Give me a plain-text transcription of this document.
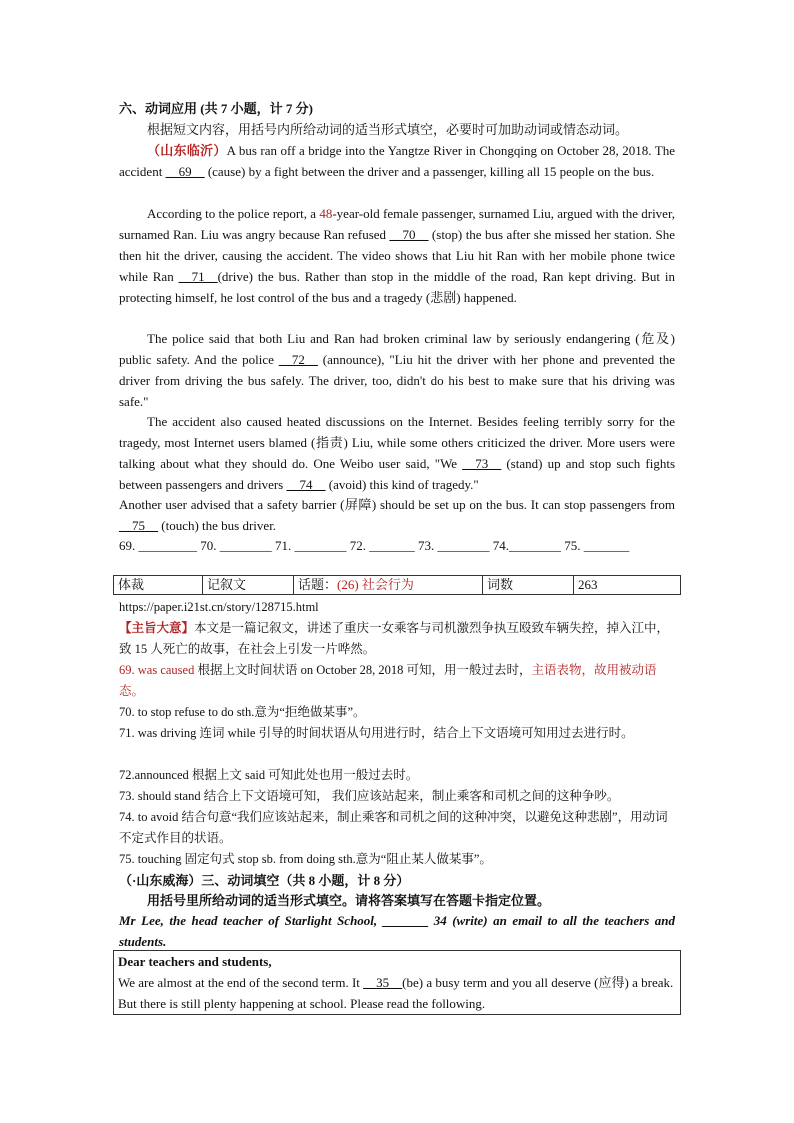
六、动词应用 (共 7 小题，计 7 分)

根据短文内容，用括号内所给动词的适当形式填空，必要时可加助动词或情态动词。

（山东临沂）A bus ran off a bridge into the Yangtze River in Chongqing on October 28, 2018. The accident __69__ (cause) by a fight between the driver and a passenger, killing all 15 people on the bus.

According to the police report, a 48-year-old female passenger, surnamed Liu, argued with the driver, surnamed Ran. Liu was angry because Ran refused __70__ (stop) the bus after she missed her station. She then hit the driver, causing the accident. The video shows that Liu hit Ran with her mobile phone twice while Ran __71__(drive) the bus. Rather than stop in the middle of the road, Ran kept driving. But in protecting himself, he lost control of the bus and a tragedy (悲剧) happened.

The police said that both Liu and Ran had broken criminal law by seriously endangering (危及) public safety. And the police __72__ (announce), "Liu hit the driver with her phone and prevented the driver from driving the bus safely. The driver, too, didn't do his best to make sure that his driving was safe."

The accident also caused heated discussions on the Internet. Besides feeling terribly sorry for the tragedy, most Internet users blamed (指责) Liu, while some others criticized the driver. More users were talking about what they should do. One Weibo user said, "We __73__ (stand) up and stop such fights between passengers and drivers __74__ (avoid) this kind of tragedy."

Another user advised that a safety barrier (屏障) should be set up on the bus. It can stop passengers from __75__ (touch) the bus driver.

69. _________ 70. ________ 71. ________ 72. _______ 73. ________ 74.________ 75. _______

体裁	记叙文	话题：(26) 社会行为	词数	263

https://paper.i21st.cn/story/128715.html

【主旨大意】本文是一篇记叙文，讲述了重庆一女乘客与司机激烈争执互殴致车辆失控，掉入江中，致 15 人死亡的故事，在社会上引发一片哗然。

69. was caused 根据上文时间状语 on October 28, 2018 可知，用一般过去时，主语表物，故用被动语态。

70. to stop refuse to do sth.意为“拒绝做某事”。

71. was driving 连词 while 引导的时间状语从句用进行时，结合上下文语境可知用过去进行时。

72.announced 根据上文 said 可知此处也用一般过去时。

73. should stand 结合上下文语境可知， 我们应该站起来，制止乘客和司机之间的这种争吵。

74. to avoid 结合句意“我们应该站起来，制止乘客和司机之间的这种冲突，以避免这种悲剧”，用动词不定式作目的状语。

75. touching 固定句式 stop sb. from doing sth.意为“阻止某人做某事”。

（·山东威海）三、动词填空（共 8 小题，计 8 分）

用括号里所给动词的适当形式填空。请将答案填写在答题卡指定位置。

Mr Lee, the head teacher of Starlight School, _______ 34 (write) an email to all the teachers and students.

Dear teachers and students,

We are almost at the end of the second term. It __35__(be) a busy term and you all deserve (应得) a break. But there is still plenty happening at school. Please read the following.
